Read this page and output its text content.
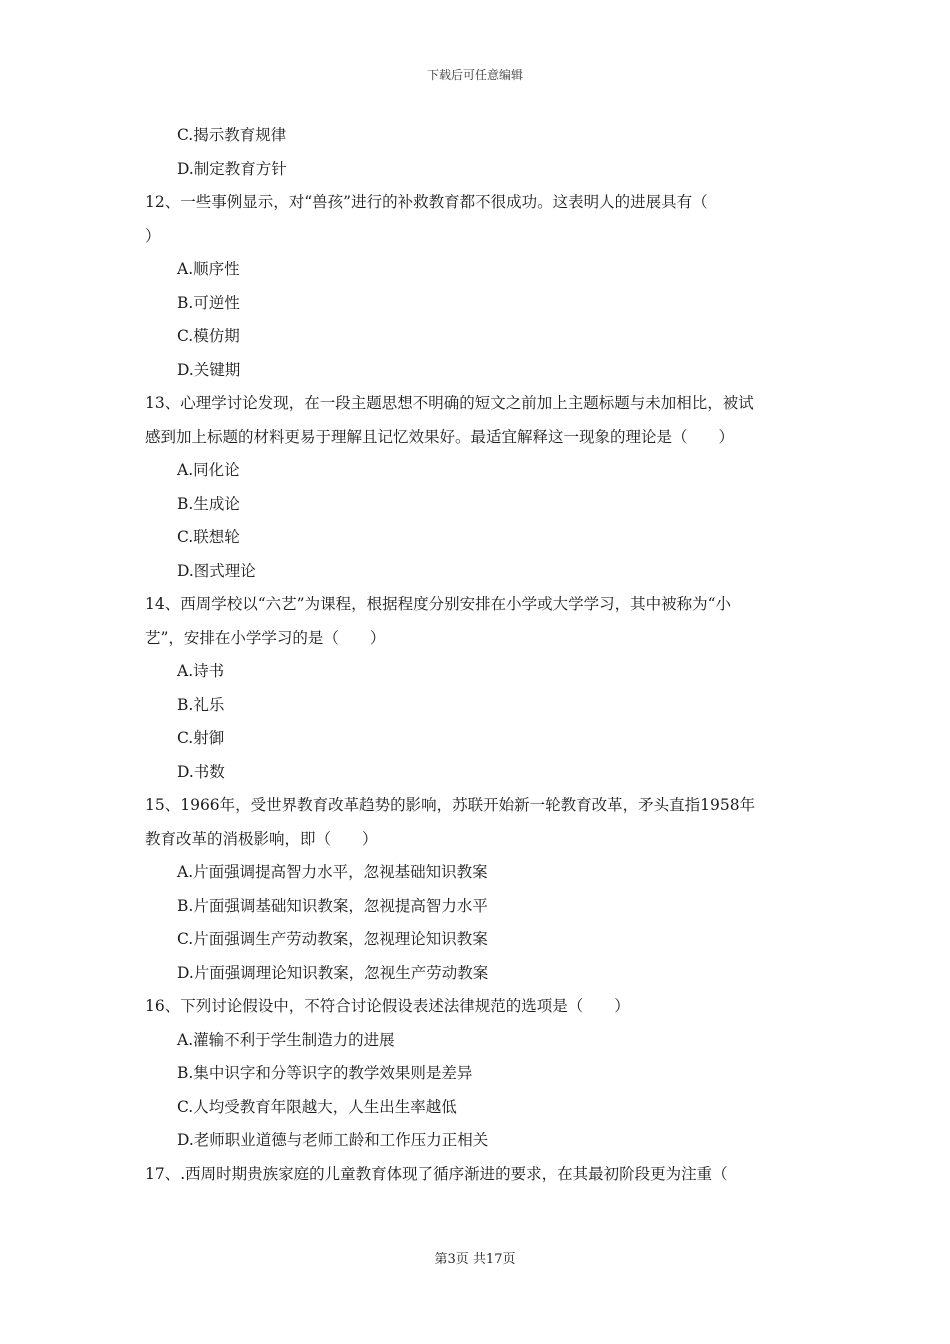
下载后可任意编辑
C.揭示教育规律
D.制定教育方针
12、一些事例显示，对“兽孩”进行的补救教育都不很成功。这表明人的进展具有（
）
A.顺序性
B.可逆性
C.模仿期
D.关键期
13、心理学讨论发现，在一段主题思想不明确的短文之前加上主题标题与未加相比，被试
感到加上标题的材料更易于理解且记忆效果好。最适宜解释这一现象的理论是（　　）
A.同化论
B.生成论
C.联想轮
D.图式理论
14、西周学校以“六艺”为课程，根据程度分别安排在小学或大学学习，其中被称为“小
艺”，安排在小学学习的是（　　）
A.诗书
B.礼乐
C.射御
D.书数
15、1966年，受世界教育改革趋势的影响，苏联开始新一轮教育改革，矛头直指1958年
教育改革的消极影响，即（　　）
A.片面强调提高智力水平，忽视基础知识教案
B.片面强调基础知识教案，忽视提高智力水平
C.片面强调生产劳动教案，忽视理论知识教案
D.片面强调理论知识教案，忽视生产劳动教案
16、下列讨论假设中，不符合讨论假设表述法律规范的选项是（　　）
A.灌输不利于学生制造力的进展
B.集中识字和分等识字的教学效果则是差异
C.人均受教育年限越大，人生出生率越低
D.老师职业道德与老师工龄和工作压力正相关
17、.西周时期贵族家庭的儿童教育体现了循序渐进的要求，在其最初阶段更为注重（
第3页 共17页
